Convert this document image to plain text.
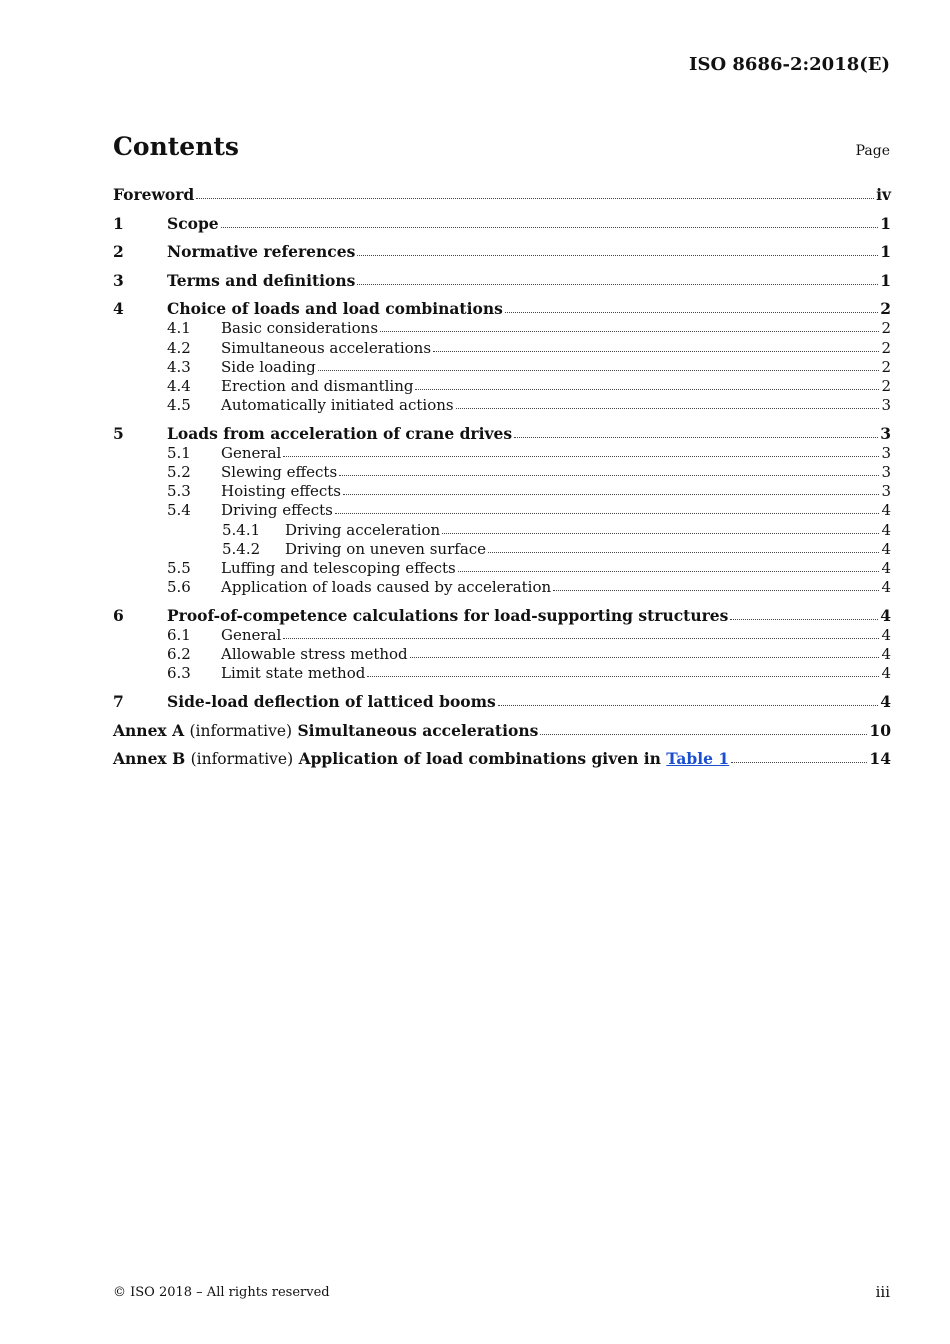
ISO 8686-2:2018(E)
Contents	Page
Foreword	iv
1	Scope	1
2	Normative references	1
3	Terms and definitions	1
4	Choice of loads and load combinations	2
4.1	Basic considerations	2
4.2	Simultaneous accelerations	2
4.3	Side loading	2
4.4	Erection and dismantling	2
4.5	Automatically initiated actions	3
5	Loads from acceleration of crane drives	3
5.1	General	3
5.2	Slewing effects	3
5.3	Hoisting effects	3
5.4	Driving effects	4
5.4.1	Driving acceleration	4
5.4.2	Driving on uneven surface	4
5.5	Luffing and telescoping effects	4
5.6	Application of loads caused by acceleration	4
6	Proof-of-competence calculations for load-supporting structures	4
6.1	General	4
6.2	Allowable stress method	4
6.3	Limit state method	4
7	Side-load deflection of latticed booms	4
Annex A (informative) Simultaneous accelerations	10
Annex B (informative) Application of load combinations given in Table 1	14
© ISO 2018 – All rights reserved	iii
